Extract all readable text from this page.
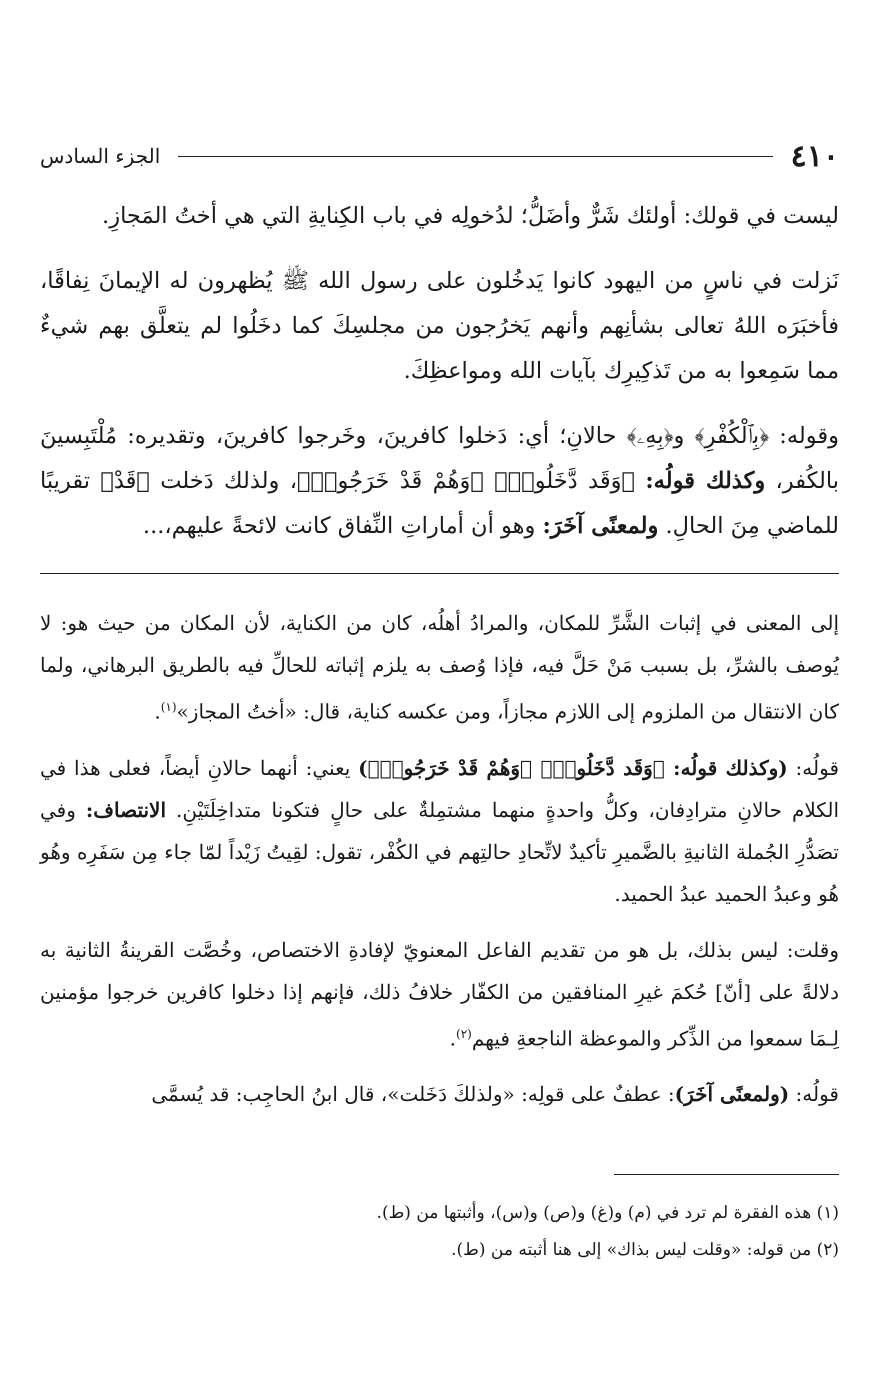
٤١٠
الجزء السادس

ليست في قولك: أولئك شَرٌّ وأضَلُّ؛ لدُخولِه في باب الكِنايةِ التي هي أختُ المَجازِ.

نَزلت في ناسٍ من اليهود كانوا يَدخُلون على رسول الله ﷺ يُظهرون له الإيمانَ نِفاقًا، فأخبَرَه اللهُ تعالى بشأنِهم وأنهم يَخرُجون من مجلسِكَ كما دخَلُوا لم يتعلَّق بهم شيءٌ مما سَمِعوا به من تَذكِيرِك بآيات الله ومواعظِكَ.

وقوله: ﴿بِٱلْكُفْرِ﴾ و﴿بِهِۦ﴾ حالانِ؛ أي: دَخلوا كافرينَ، وخَرجوا كافرينَ، وتقديره: مُلْتَبِسينَ بالكُفر، وكذلك قولُه: ﴿وَقَد دَّخَلُوا۟﴾ ﴿وَهُمْ قَدْ خَرَجُوا۟﴾، ولذلك دَخلت ﴿قَدْ﴾ تقريبًا للماضي مِنَ الحالِ. ولمعنًى آخَرَ: وهو أن أماراتِ النِّفاق كانت لائحةً عليهم،...

إلى المعنى في إثبات الشَّرِّ للمكان، والمرادُ أهلُه، كان من الكناية، لأن المكان من حيث هو: لا يُوصف بالشرِّ، بل بسبب مَنْ حَلَّ فيه، فإذا وُصف به يلزم إثباته للحالِّ فيه بالطريق البرهاني، ولما كان الانتقال من الملزوم إلى اللازم مجازاً، ومن عكسه كناية، قال: «أختُ المجاز»$^{(١)}$.

قولُه: (وكذلك قولُه: ﴿وَقَد دَّخَلُوا۟﴾ ﴿وَهُمْ قَدْ خَرَجُوا۟﴾) يعني: أنهما حالانِ أيضاً، فعلى هذا في الكلام حالانِ مترادِفان، وكلُّ واحدةٍ منهما مشتمِلةٌ على حالٍ فتكونا متداخِلَتَيْنِ. الانتصاف: وفي تصَدُّرِ الجُملة الثانيةِ بالضَّميرِ تأكيدٌ لاتِّحادِ حالتِهم في الكُفْر، تقول: لقِيتُ زَيْداً لمّا جاء مِن سَفَرِه وهُو هُو وعبدُ الحميد عبدُ الحميد.

وقلت: ليس بذلك، بل هو من تقديم الفاعل المعنويّ لإفادةِ الاختصاص، وخُصَّت القرينةُ الثانية به دلالةً على [أنّ] حُكمَ غيرِ المنافقين من الكفّار خلافُ ذلك، فإنهم إذا دخلوا كافرين خرجوا مؤمنين لِـمَا سمعوا من الذِّكر والموعظة الناجعةِ فيهم$^{(٢)}$.

قولُه: (ولمعنًى آخَرَ): عطفٌ على قولِه: «ولذلكَ دَخَلت»، قال ابنُ الحاجِب: قد يُسمَّى

(١) هذه الفقرة لم ترد في (م) و(غ) و(ص) و(س)، وأثبتها من (ط).

(٢) من قوله: «وقلت ليس بذاك» إلى هنا أثبته من (ط).
